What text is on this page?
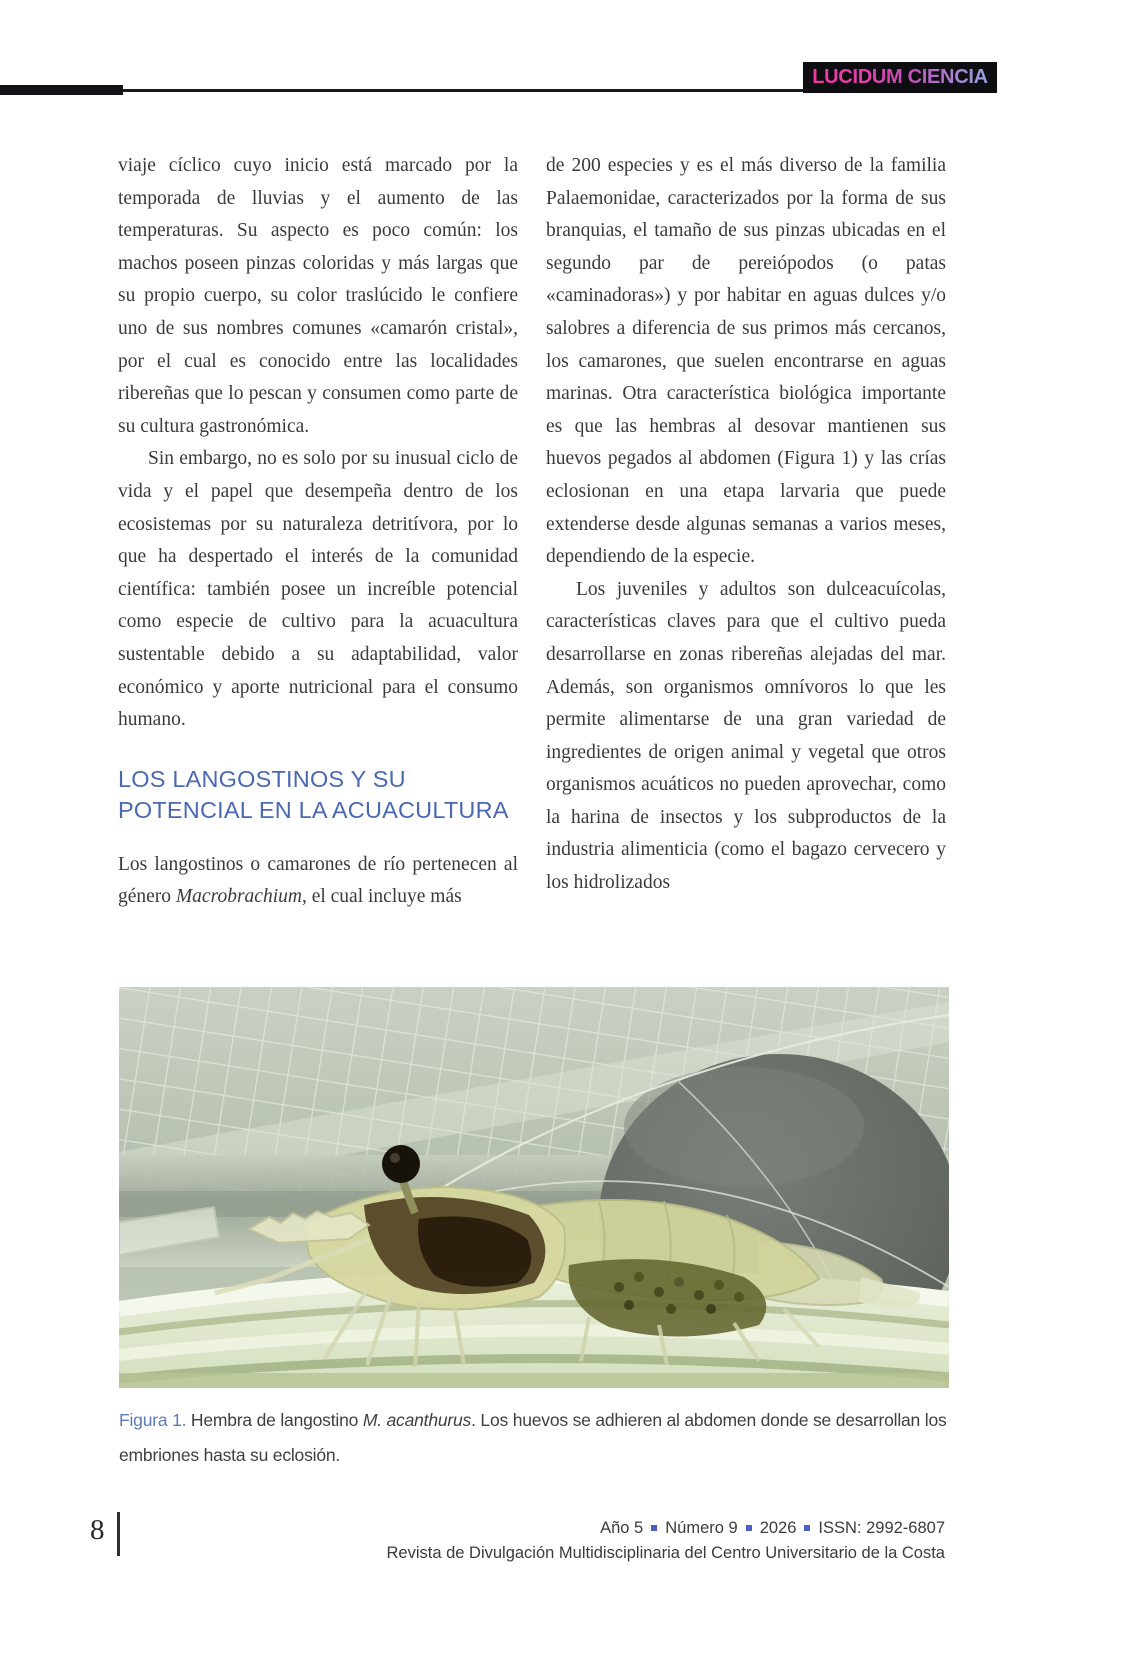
LUCIDUM CIENCIA

viaje cíclico cuyo inicio está marcado por la temporada de lluvias y el aumento de las temperaturas. Su aspecto es poco común: los machos poseen pinzas coloridas y más largas que su propio cuerpo, su color traslúcido le confiere uno de sus nombres comunes «camarón cristal», por el cual es conocido entre las localidades ribereñas que lo pescan y consumen como parte de su cultura gastronómica.

Sin embargo, no es solo por su inusual ciclo de vida y el papel que desempeña dentro de los ecosistemas por su naturaleza detritívora, por lo que ha despertado el interés de la comunidad científica: también posee un increíble potencial como especie de cultivo para la acuacultura sustentable debido a su adaptabilidad, valor económico y aporte nutricional para el consumo humano.

LOS LANGOSTINOS Y SU POTENCIAL EN LA ACUACULTURA

Los langostinos o camarones de río pertenecen al género Macrobrachium, el cual incluye más

de 200 especies y es el más diverso de la familia Palaemonidae, caracterizados por la forma de sus branquias, el tamaño de sus pinzas ubicadas en el segundo par de pereiópodos (o patas «caminadoras») y por habitar en aguas dulces y/o salobres a diferencia de sus primos más cercanos, los camarones, que suelen encontrarse en aguas marinas. Otra característica biológica importante es que las hembras al desovar mantienen sus huevos pegados al abdomen (Figura 1) y las crías eclosionan en una etapa larvaria que puede extenderse desde algunas semanas a varios meses, dependiendo de la especie.

Los juveniles y adultos son dulceacuícolas, características claves para que el cultivo pueda desarrollarse en zonas ribereñas alejadas del mar. Además, son organismos omnívoros lo que les permite alimentarse de una gran variedad de ingredientes de origen animal y vegetal que otros organismos acuáticos no pueden aprovechar, como la harina de insectos y los subproductos de la industria alimenticia (como el bagazo cervecero y los hidrolizados

Figura 1. Hembra de langostino M. acanthurus. Los huevos se adhieren al abdomen donde se desarrollan los embriones hasta su eclosión.
8	Año 5 Número 9 2026 ISSN: 2992-6807
Revista de Divulgación Multidisciplinaria del Centro Universitario de la Costa
